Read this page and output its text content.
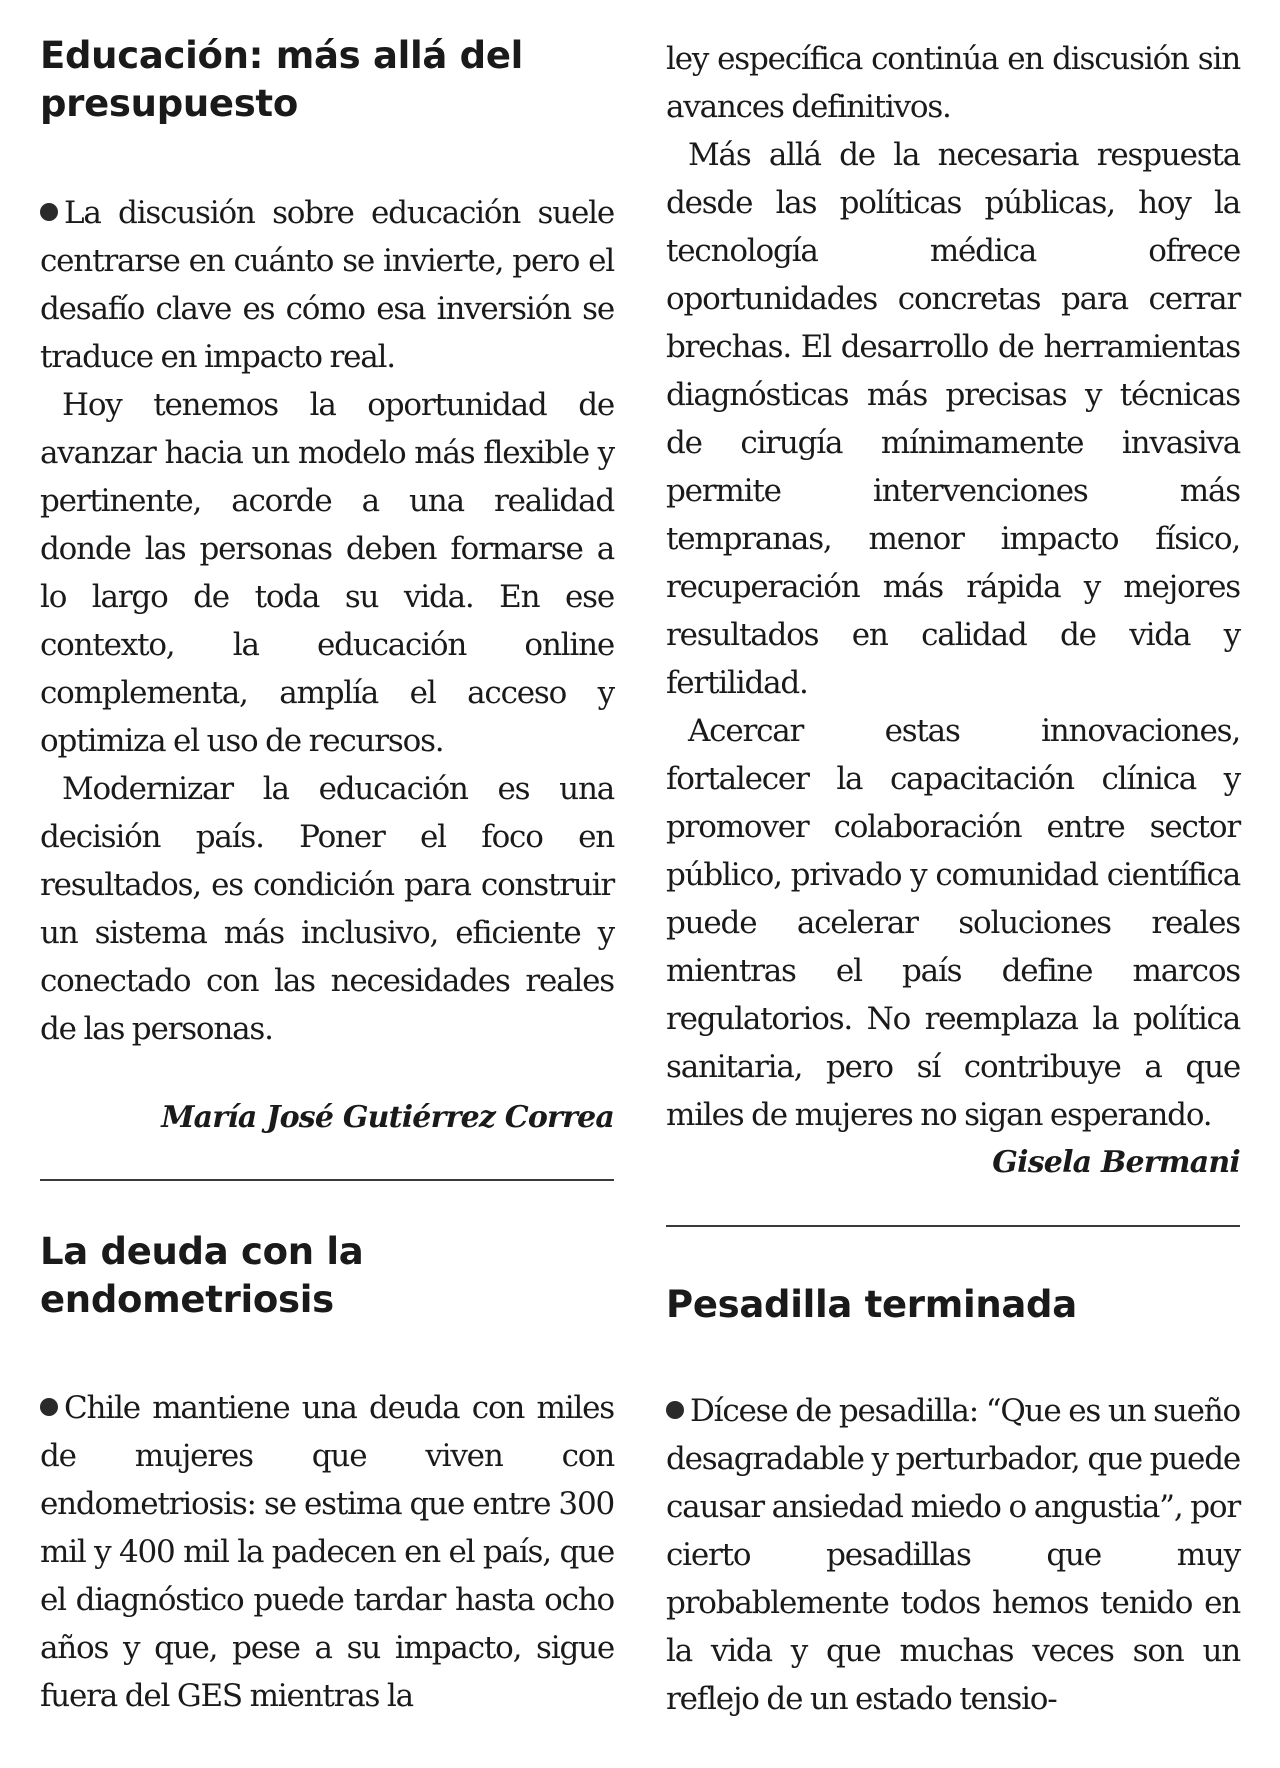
Educación: más allá del
presupuesto

La discusión sobre educación suele centrarse en cuánto se invierte, pero el desafío clave es cómo esa inversión se traduce en impacto real.

Hoy tenemos la oportunidad de avanzar hacia un modelo más flexible y pertinente, acorde a una realidad donde las personas deben formarse a lo largo de toda su vida. En ese contexto, la educación online complementa, amplía el acceso y optimiza el uso de recursos.

Modernizar la educación es una decisión país. Poner el foco en resultados, es condición para construir un sistema más inclusivo, eficiente y conectado con las necesidades reales de las personas.

María José Gutiérrez Correa
La deuda con la
endometriosis

Chile mantiene una deuda con miles de mujeres que viven con endometriosis: se estima que entre 300 mil y 400 mil la padecen en el país, que el diagnóstico puede tardar hasta ocho años y que, pese a su impacto, sigue fuera del GES mientras la

ley específica continúa en discusión sin avances definitivos.

Más allá de la necesaria respuesta desde las políticas públicas, hoy la tecnología médica ofrece oportunidades concretas para cerrar brechas. El desarrollo de herramientas diagnósticas más precisas y técnicas de cirugía mínimamente invasiva permite intervenciones más tempranas, menor impacto físico, recuperación más rápida y mejores resultados en calidad de vida y fertilidad.

Acercar estas innovaciones, fortalecer la capacitación clínica y promover colaboración entre sector público, privado y comunidad científica puede acelerar soluciones reales mientras el país define marcos regulatorios. No reemplaza la política sanitaria, pero sí contribuye a que miles de mujeres no sigan esperando.

Gisela Bermani
Pesadilla terminada

Dícese de pesadilla: “Que es un sueño desagradable y perturbador, que puede causar ansiedad miedo o angustia”, por cierto pesadillas que muy probablemente todos hemos tenido en la vida y que muchas veces son un reflejo de un estado tensio-
